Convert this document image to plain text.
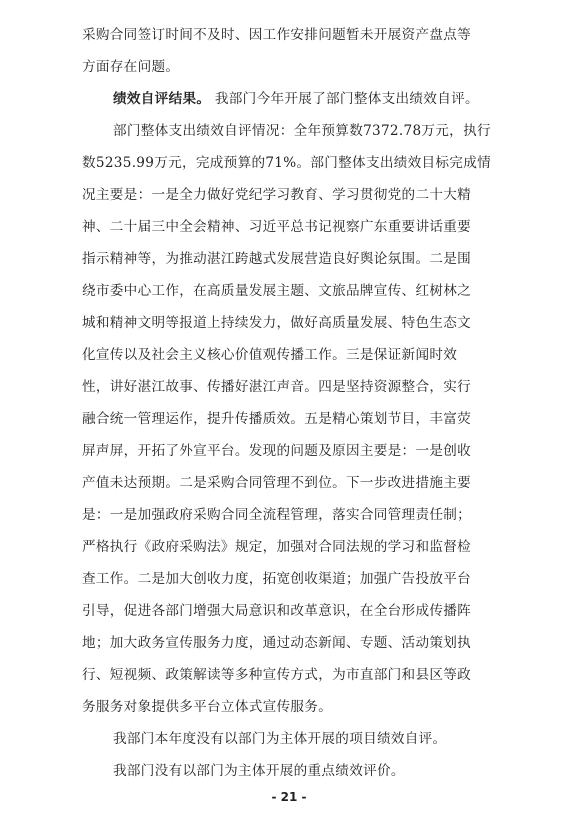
采购合同签订时间不及时、因工作安排问题暂未开展资产盘点等
方面存在问题。
绩效自评结果。 我部门今年开展了部门整体支出绩效自评。
部门整体支出绩效自评情况：全年预算数7372.78万元，执行
数5235.99万元，完成预算的71%。部门整体支出绩效目标完成情
况主要是：一是全力做好党纪学习教育、学习贯彻党的二十大精
神、二十届三中全会精神、习近平总书记视察广东重要讲话重要
指示精神等，为推动湛江跨越式发展营造良好舆论氛围。二是围
绕市委中心工作，在高质量发展主题、文旅品牌宣传、红树林之
城和精神文明等报道上持续发力，做好高质量发展、特色生态文
化宣传以及社会主义核心价值观传播工作。三是保证新闻时效
性，讲好湛江故事、传播好湛江声音。四是坚持资源整合，实行
融合统一管理运作，提升传播质效。五是精心策划节目，丰富荧
屏声屏，开拓了外宣平台。发现的问题及原因主要是：一是创收
产值未达预期。二是采购合同管理不到位。下一步改进措施主要
是：一是加强政府采购合同全流程管理，落实合同管理责任制；
严格执行《政府采购法》规定，加强对合同法规的学习和监督检
查工作。二是加大创收力度，拓宽创收渠道；加强广告投放平台
引导，促进各部门增强大局意识和改革意识，在全台形成传播阵
地；加大政务宣传服务力度，通过动态新闻、专题、活动策划执
行、短视频、政策解读等多种宣传方式，为市直部门和县区等政
务服务对象提供多平台立体式宣传服务。
我部门本年度没有以部门为主体开展的项目绩效自评。
我部门没有以部门为主体开展的重点绩效评价。
- 21 -
